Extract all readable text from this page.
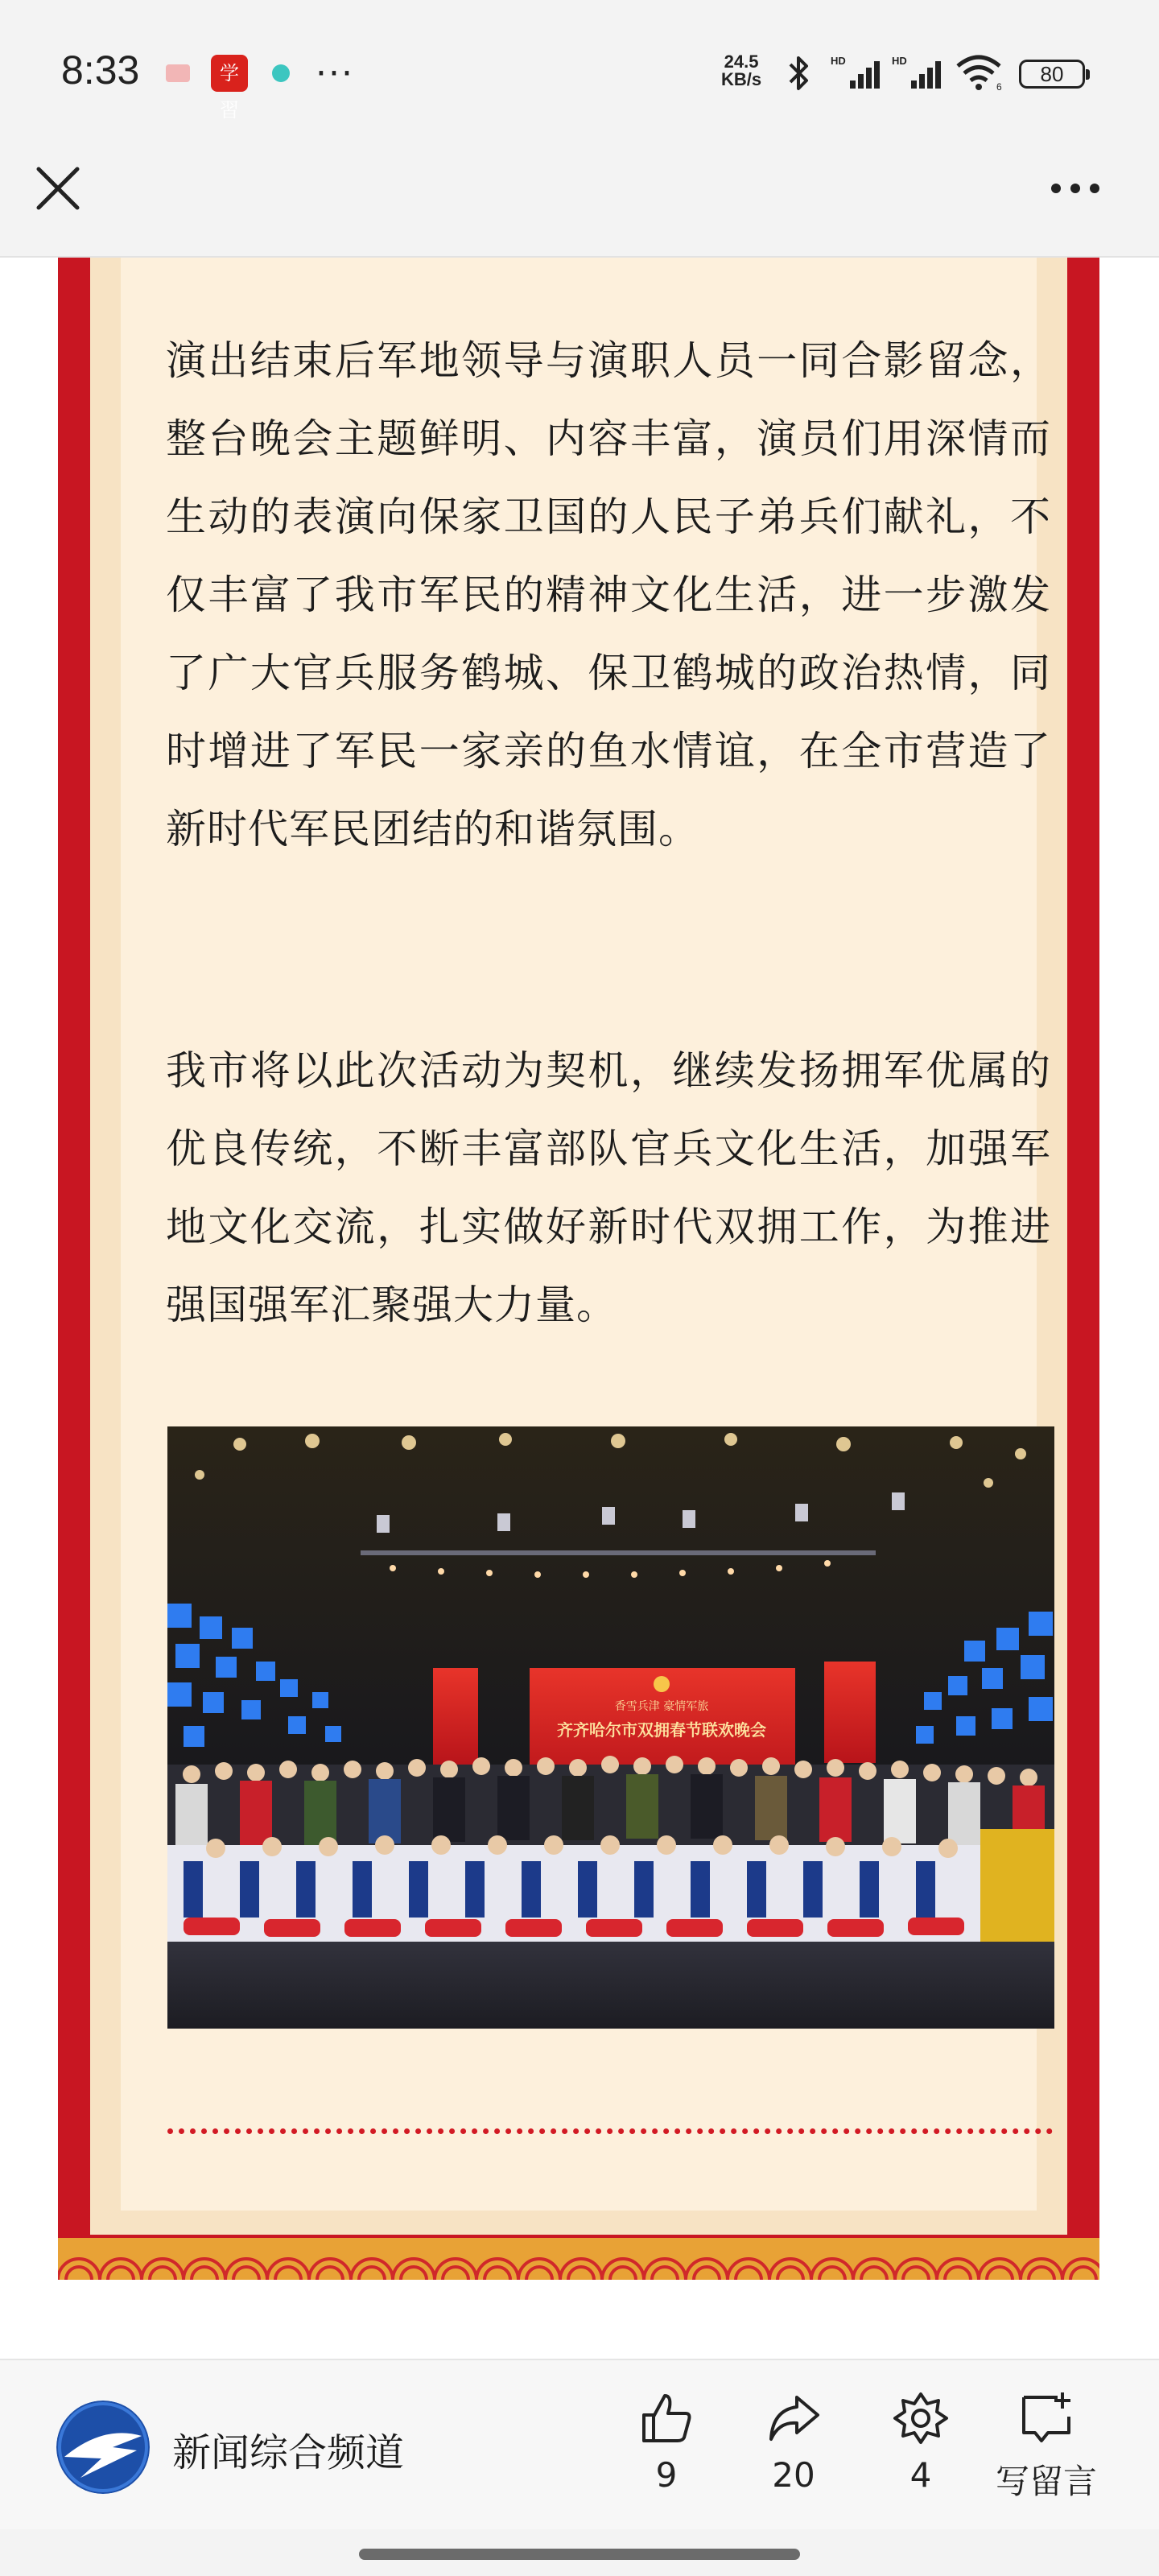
8:33	学習
···	24.5
KB/s
HD	HD
6
80

演出结束后军地领导与演职人员一同合影留念，整台晚会主题鲜明、内容丰富，演员们用深情而生动的表演向保家卫国的人民子弟兵们献礼，不仅丰富了我市军民的精神文化生活，进一步激发了广大官兵服务鹤城、保卫鹤城的政治热情，同时增进了军民一家亲的鱼水情谊，在全市营造了新时代军民团结的和谐氛围。

我市将以此次活动为契机，继续发扬拥军优属的优良传统，不断丰富部队官兵文化生活，加强军地文化交流，扎实做好新时代双拥工作，为推进强国强军汇聚强大力量。

香雪兵津 豪情军旅
齐齐哈尔市双拥春节联欢晚会
新闻综合频道	9	20	4	写留言
